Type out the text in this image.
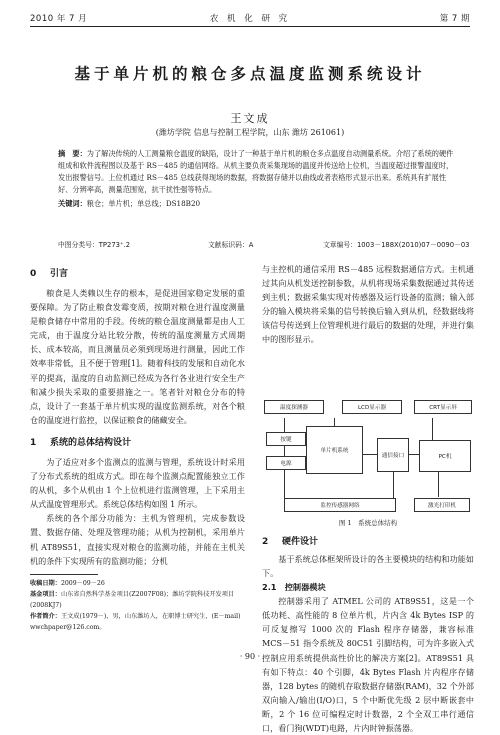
2010 年 7 月	农 机 化 研 究	第 7 期
基于单片机的粮仓多点温度监测系统设计
王文成
(潍坊学院 信息与控制工程学院，山东 潍坊 261061)
摘　要：为了解决传统的人工测量粮仓温度的缺陷，设计了一种基于单片机的粮仓多点温度自动测量系统。介绍了系统的硬件组成和软件流程图以及基于 RS－485 的通信网络。从机主要负责采集现场的温度并传送给上位机，当温度超过报警温度时，发出报警信号。上位机通过 RS－485 总线获得现场的数据，将数据存储并以曲线或者表格形式显示出来。系统具有扩展性好、分辨率高，测量范围宽，抗干扰性强等特点。
关键词：粮仓；单片机；单总线；DS18B20
中图分类号：TP273⁺.2	文献标识码：A	文章编号：1003－188X(2010)07－0090－03
0 引言

粮食是人类赖以生存的根本，是促进国家稳定发展的重要保障。为了防止粮食发霉变质，按期对粮仓进行温度测量是粮食储存中常用的手段。传统的粮仓温度测量都是由人工完成，由于温度分站比较分散，传统的温度测量方式周期长、成本较高，而且测量员必须到现场进行测量，因此工作效率非常低，且不便于管理[1]。随着科技的发展和自动化水平的提高，温度的自动监测已经成为各行各业进行安全生产和减少损失采取的重要措施之一。笔者针对粮仓分布的特点，设计了一套基于单片机实现的温度监测系统，对各个粮仓的温度进行监控，以保证粮食的储藏安全。

1 系统的总体结构设计

为了适应对多个监测点的监测与管理，系统设计时采用了分布式系统的组成方式。即在每个监测点配置能独立工作的从机，多个从机由 1 个上位机进行监测管理，上下采用主从式温度管理形式。系统总体结构如图 1 所示。

系统的各个部分功能为：主机为管理机，完成参数设置、数据存储、处理及管理功能；从机为控制机，采用单片机 AT89S51，直接实现对粮仓的监测功能，并能在主机关机的条件下实现所有的监测功能；分机

收稿日期：2009－09－26
基金项目：山东省自然科学基金项目(Z2007F08)；潍坊学院科技开发项目(2008KJ7)
作者简介：王文成(1979－)，男，山东潍坊人，在职博士研究生，(E－mail) wwchpaper@126.com。

与主控机的通信采用 RS－485 远程数据通信方式。主机通过其向从机发送控制参数，从机将现场采集数据通过其传送到主机；数据采集实现对传感器及运行设备的监测；输入部分的输入模块将采集的信号转换后输入到从机，经数据线将该信号传送到上位管理机进行最后的数据的处理，并进行集中的图形显示。

温度探测器	LCD显示器	CRT显示屏
按键
单片机系统
通信接口	PC机
电源
监控传感器网络	激光打印机
图 1　系统总体结构
2 硬件设计

基于系统总体框架所设计的各主要模块的结构和功能如下。

2.1　 控制器模块

控制器采用了 ATMEL 公司的 AT89S51，这是一个低功耗、高性能的 8 位单片机，片内含 4k Bytes ISP 的可反复擦写 1000 次的 Flash 程序存储器，兼容标准 MCS－51 指令系统及 80C51 引脚结构，可为许多嵌入式控制应用系统提供高性价比的解决方案[2]。AT89S51 具有如下特点：40 个引脚，4k Bytes Flash 片内程序存储器，128 bytes 的随机存取数据存储器(RAM)，32 个外部双向输入/输出(I/O)口，5 个中断优先级 2 层中断嵌套中断，2 个 16 位可编程定时计数器，2 个全双工串行通信口，看门狗(WDT)电路，片内时钟振荡器。

· 90 ·
